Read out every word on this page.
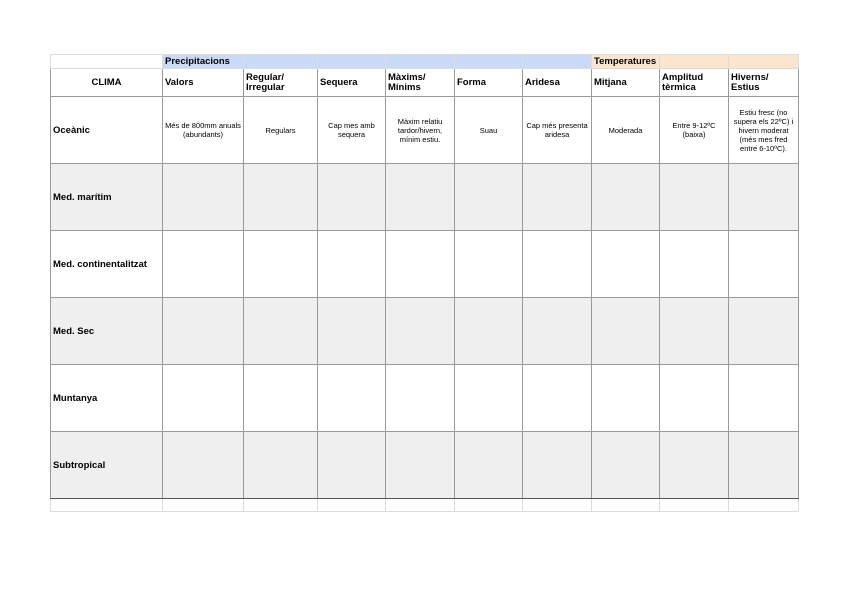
	Precipitacions						Temperatures		
CLIMA	Valors	Regular/ Irregular	Sequera	Màxims/ Mínims	Forma	Aridesa	Mitjana	Amplitud tèrmica	Hiverns/ Estius
Oceànic	Més de 800mm anuals (abundants)	Regulars	Cap mes amb sequera	Màxim relatiu tardor/hivern, mínim estiu.	Suau	Cap més presenta aridesa	Moderada	Entre 9-12ºC (baixa)	Estiu fresc (no supera els 22ºC) i hivern moderat (més mes fred entre 6-10ºC).
Med. marítim									
Med. continentalitzat									
Med. Sec									
Muntanya									
Subtropical									
